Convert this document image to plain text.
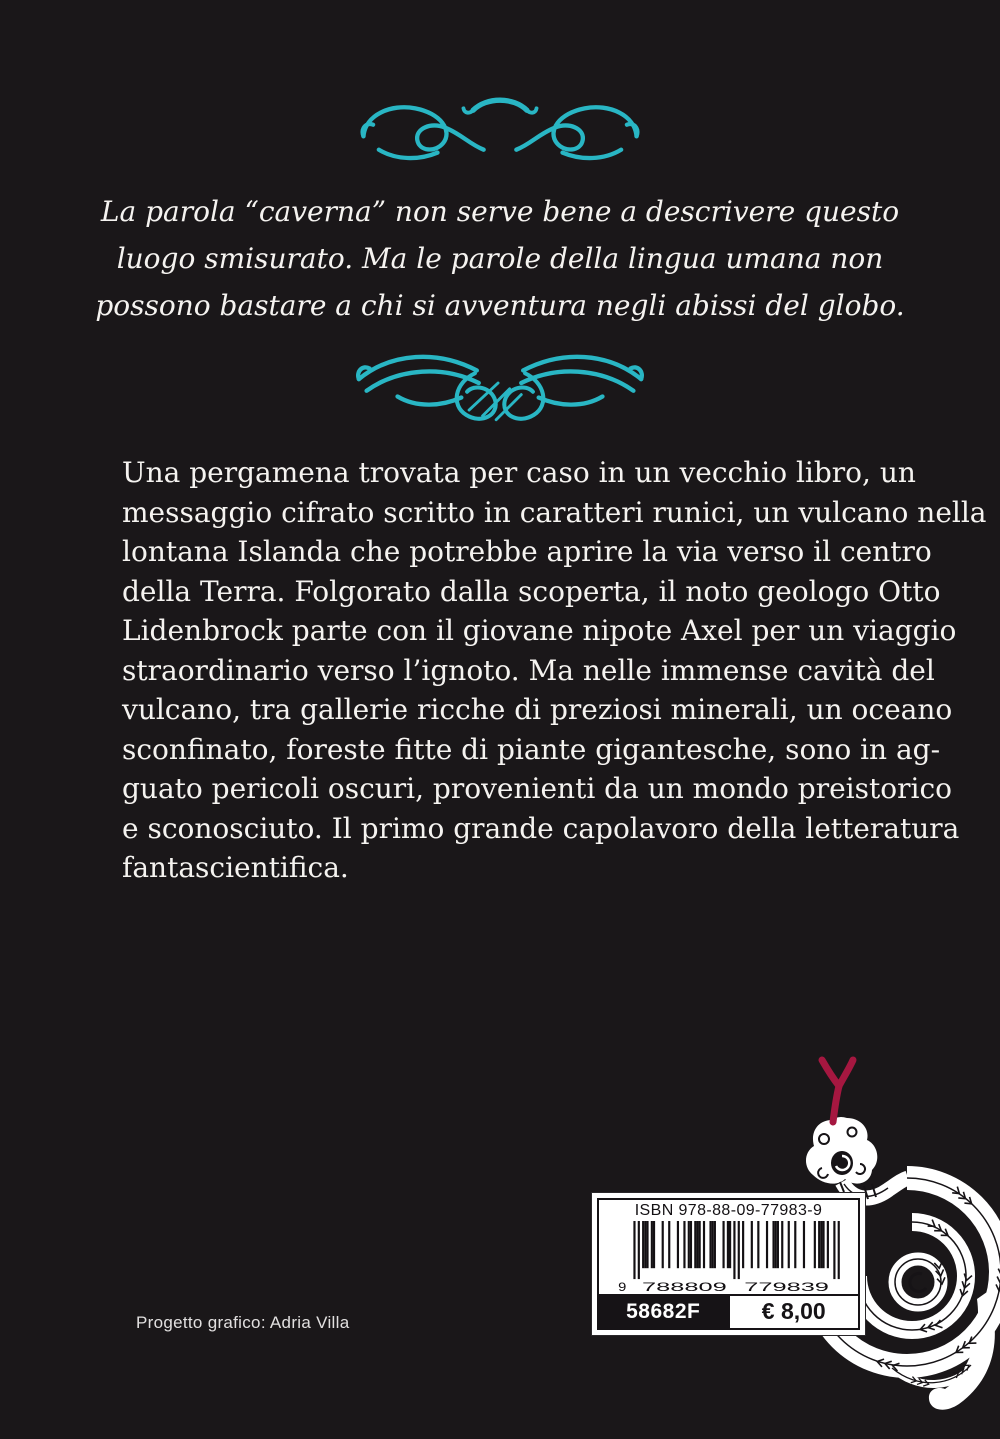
La parola “caverna” non serve bene a descrivere questo
luogo smisurato. Ma le parole della lingua umana non
possono bastare a chi si avventura negli abissi del globo.
Una pergamena trovata per caso in un vecchio libro, un
messaggio cifrato scritto in caratteri runici, un vulcano nella
lontana Islanda che potrebbe aprire la via verso il centro
della Terra. Folgorato dalla scoperta, il noto geologo Otto
Lidenbrock parte con il giovane nipote Axel per un viaggio
straordinario verso l’ignoto. Ma nelle immense cavità del
vulcano, tra gallerie ricche di preziosi minerali, un oceano
sconfinato, foreste fitte di piante gigantesche, sono in ag-
guato pericoli oscuri, provenienti da un mondo preistorico
e sconosciuto. Il primo grande capolavoro della letteratura
fantascientifica.
ISBN 978-88-09-77983-9
9 788809 779839
58682F	€ 8,00
Progetto grafico: Adria Villa
